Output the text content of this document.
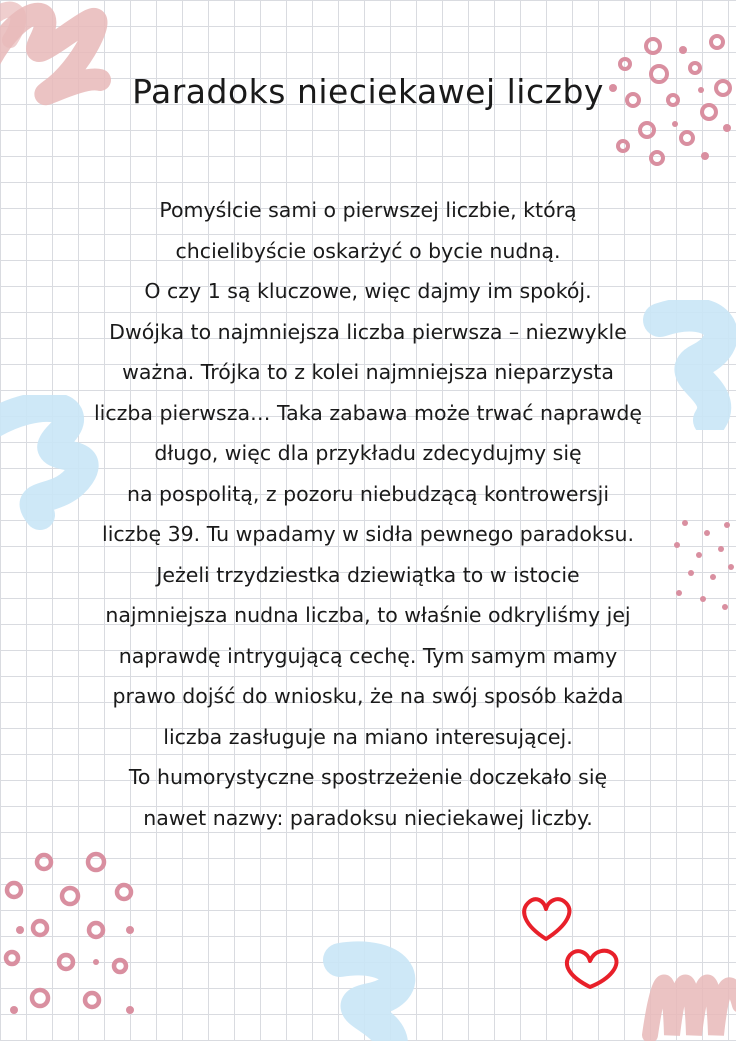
Paradoks nieciekawej liczby
Pomyślcie sami o pierwszej liczbie, którą
chcielibyście oskarżyć o bycie nudną.
O czy 1 są kluczowe, więc dajmy im spokój.
Dwójka to najmniejsza liczba pierwsza – niezwykle
ważna. Trójka to z kolei najmniejsza nieparzysta
liczba pierwsza… Taka zabawa może trwać naprawdę
długo, więc dla przykładu zdecydujmy się
na pospolitą, z pozoru niebudzącą kontrowersji
liczbę 39. Tu wpadamy w sidła pewnego paradoksu.
Jeżeli trzydziestka dziewiątka to w istocie
najmniejsza nudna liczba, to właśnie odkryliśmy jej
naprawdę intrygującą cechę. Tym samym mamy
prawo dojść do wniosku, że na swój sposób każda
liczba zasługuje na miano interesującej.
To humorystyczne spostrzeżenie doczekało się
nawet nazwy: paradoksu nieciekawej liczby.
